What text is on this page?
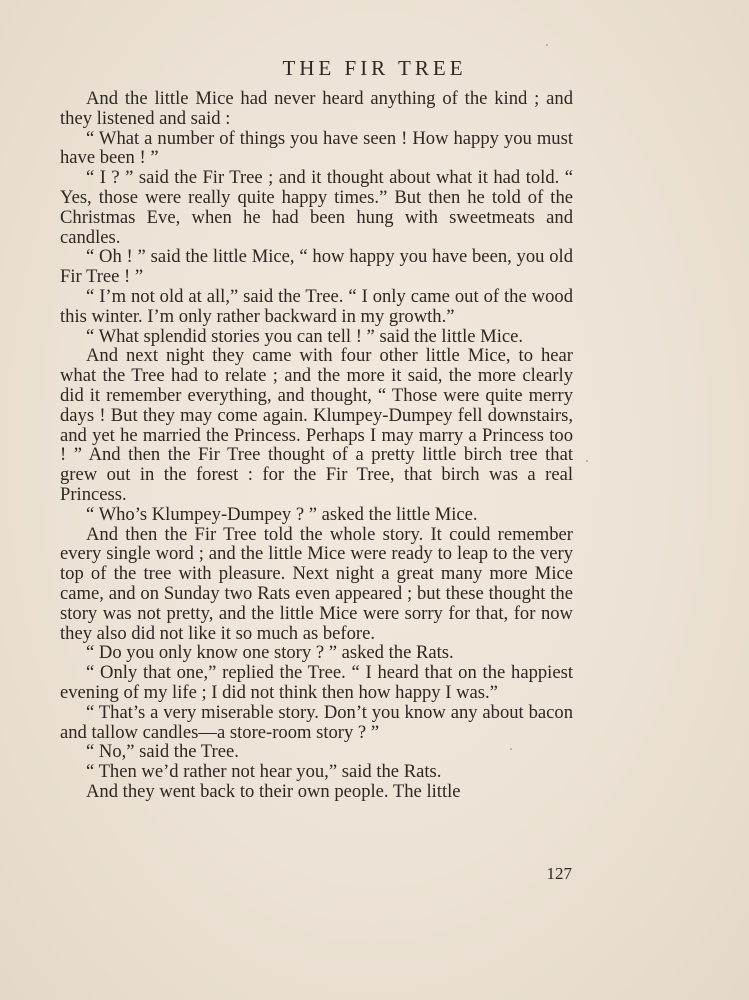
THE FIR TREE

And the little Mice had never heard anything of the kind ; and they listened and said :

“ What a number of things you have seen ! How happy you must have been ! ”

“ I ? ” said the Fir Tree ; and it thought about what it had told. “ Yes, those were really quite happy times.” But then he told of the Christmas Eve, when he had been hung with sweetmeats and candles.

“ Oh ! ” said the little Mice, “ how happy you have been, you old Fir Tree ! ”

“ I’m not old at all,” said the Tree. “ I only came out of the wood this winter. I’m only rather backward in my growth.”

“ What splendid stories you can tell ! ” said the little Mice.

And next night they came with four other little Mice, to hear what the Tree had to relate ; and the more it said, the more clearly did it remember everything, and thought, “ Those were quite merry days ! But they may come again. Klumpey-Dumpey fell downstairs, and yet he married the Princess. Perhaps I may marry a Princess too ! ” And then the Fir Tree thought of a pretty little birch tree that grew out in the forest : for the Fir Tree, that birch was a real Princess.

“ Who’s Klumpey-Dumpey ? ” asked the little Mice.

And then the Fir Tree told the whole story. It could remember every single word ; and the little Mice were ready to leap to the very top of the tree with pleasure. Next night a great many more Mice came, and on Sunday two Rats even appeared ; but these thought the story was not pretty, and the little Mice were sorry for that, for now they also did not like it so much as before.

“ Do you only know one story ? ” asked the Rats.

“ Only that one,” replied the Tree. “ I heard that on the happiest evening of my life ; I did not think then how happy I was.”

“ That’s a very miserable story. Don’t you know any about bacon and tallow candles—a store-room story ? ”

“ No,” said the Tree.

“ Then we’d rather not hear you,” said the Rats.

And they went back to their own people. The little

127
